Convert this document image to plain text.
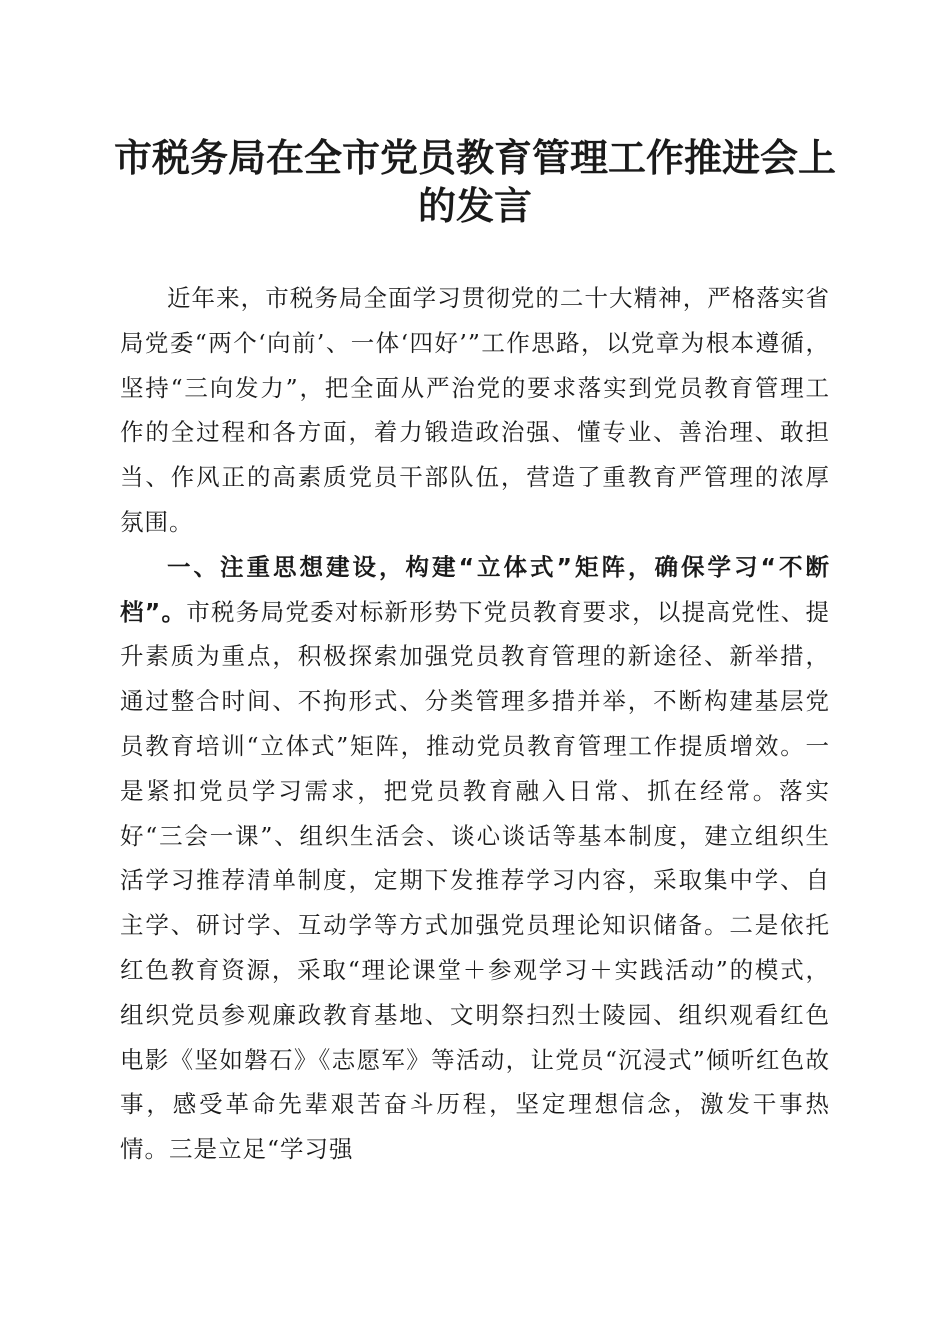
市税务局在全市党员教育管理工作推进会上的发言

近年来，市税务局全面学习贯彻党的二十大精神，严格落实省局党委“两个‘向前’、一体‘四好’”工作思路，以党章为根本遵循，坚持“三向发力”，把全面从严治党的要求落实到党员教育管理工作的全过程和各方面，着力锻造政治强、懂专业、善治理、敢担当、作风正的高素质党员干部队伍，营造了重教育严管理的浓厚氛围。

一、注重思想建设，构建“立体式”矩阵，确保学习“不断档”。市税务局党委对标新形势下党员教育要求，以提高党性、提升素质为重点，积极探索加强党员教育管理的新途径、新举措，通过整合时间、不拘形式、分类管理多措并举，不断构建基层党员教育培训“立体式”矩阵，推动党员教育管理工作提质增效。一是紧扣党员学习需求，把党员教育融入日常、抓在经常。落实好“三会一课”、组织生活会、谈心谈话等基本制度，建立组织生活学习推荐清单制度，定期下发推荐学习内容，采取集中学、自主学、研讨学、互动学等方式加强党员理论知识储备。二是依托红色教育资源，采取“理论课堂＋参观学习＋实践活动”的模式，组织党员参观廉政教育基地、文明祭扫烈士陵园、组织观看红色电影《坚如磐石》《志愿军》等活动，让党员“沉浸式”倾听红色故事，感受革命先辈艰苦奋斗历程，坚定理想信念，激发干事热情。三是立足“学习强
